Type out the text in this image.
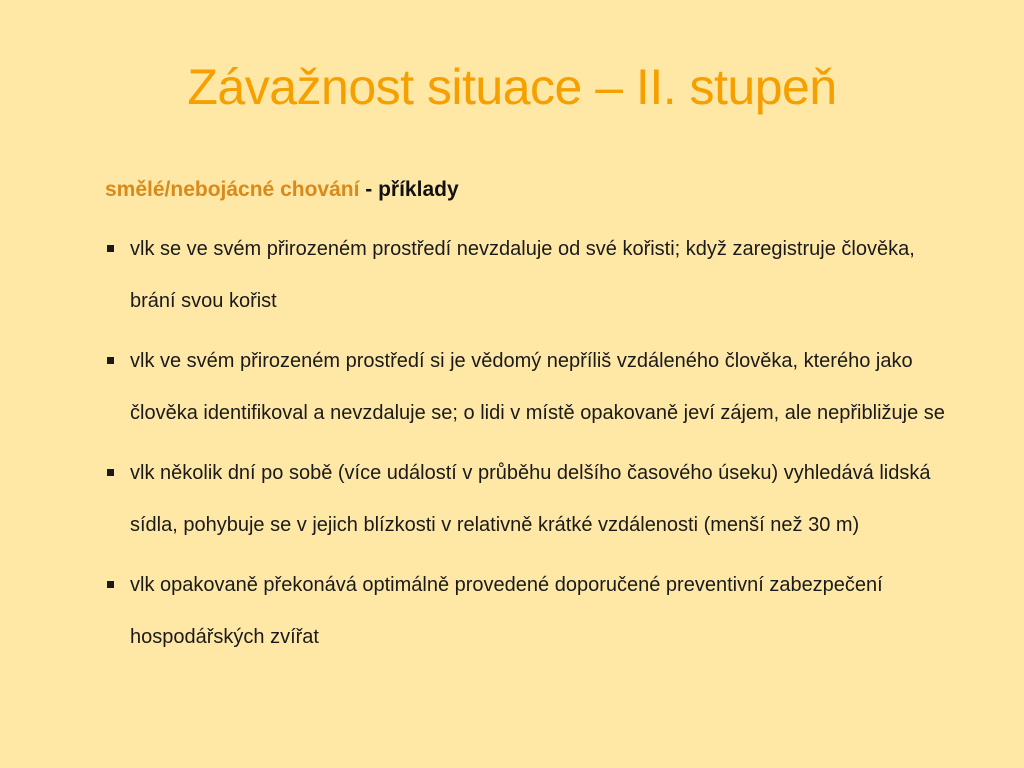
Závažnost situace – II. stupeň

smělé/nebojácné chování - příklady

vlk se ve svém přirozeném prostředí nevzdaluje od své kořisti; když zaregistruje člověka, brání svou kořist
vlk ve svém přirozeném prostředí si je vědomý nepříliš vzdáleného člověka, kterého jako člověka identifikoval a nevzdaluje se; o lidi v místě opakovaně jeví zájem, ale nepřibližuje se
vlk několik dní po sobě (více událostí v průběhu delšího časového úseku) vyhledává lidská sídla, pohybuje se v jejich blízkosti v relativně krátké vzdálenosti (menší než 30 m)
vlk opakovaně překonává optimálně provedené doporučené preventivní zabezpečení hospodářských zvířat
